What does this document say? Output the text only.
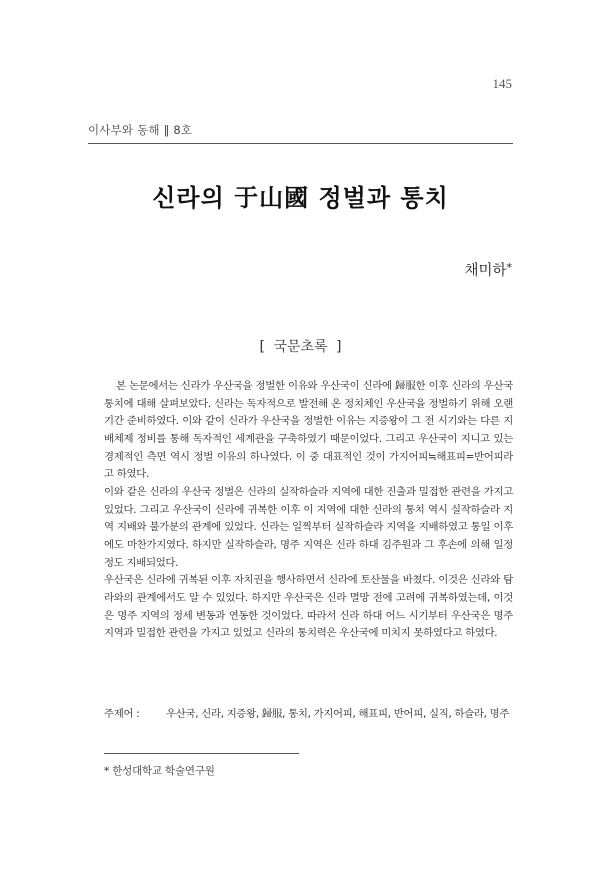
145
이사부와 동해 ‖ 8호
신라의 于山國 정벌과 통치
채미하*
[ 국문초록 ]

본 논문에서는 신라가 우산국을 정벌한 이유와 우산국이 신라에 歸服한 이후 신라의 우산국 통치에 대해 살펴보았다. 신라는 독자적으로 발전해 온 정치체인 우산국을 정벌하기 위해 오랜 기간 준비하였다. 이와 같이 신라가 우산국을 정벌한 이유는 지증왕이 그 전 시기와는 다른 지배체제 정비를 통해 독자적인 세계관을 구축하였기 때문이었다. 그리고 우산국이 지니고 있는 경제적인 측면 역시 정벌 이유의 하나였다. 이 중 대표적인 것이 가지어피≒해표피=반어피라고 하였다.

이와 같은 신라의 우산국 정벌은 신라의 실작하슬라 지역에 대한 진출과 밀접한 관련을 가지고 있었다. 그리고 우산국이 신라에 귀복한 이후 이 지역에 대한 신라의 통치 역시 실작하슬라 지역 지배와 불가분의 관계에 있었다. 신라는 일찍부터 실작하슬라 지역을 지배하였고 통일 이후에도 마찬가지였다. 하지만 실작하슬라, 명주 지역은 신라 하대 김주원과 그 후손에 의해 일정 정도 지배되었다.

우산국은 신라에 귀복된 이후 자치권을 행사하면서 신라에 토산물을 바쳤다. 이것은 신라와 탐라와의 관계에서도 알 수 있었다. 하지만 우산국은 신라 멸망 전에 고려에 귀복하였는데, 이것은 명주 지역의 정세 변동과 연동한 것이었다. 따라서 신라 하대 어느 시기부터 우산국은 명주지역과 밀접한 관련을 가지고 있었고 신라의 통치력은 우산국에 미치지 못하였다고 하였다.

주제어 :	우산국, 신라, 지증왕, 歸服, 통치, 가지어피, 해표피, 반어피, 실직, 하슬라, 명주
* 한성대학교 학술연구원
